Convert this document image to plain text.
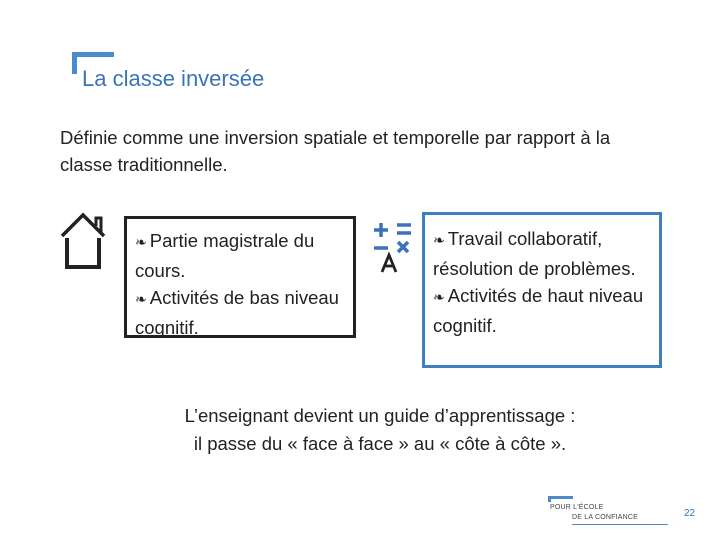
La classe inversée
Définie comme une inversion spatiale et temporelle par rapport à la classe traditionnelle.

❧ Partie magistrale du cours.

❧ Activités de bas niveau cognitif.

❧ Travail collaboratif, résolution de problèmes.

❧ Activités de haut niveau cognitif.

L’enseignant devient un guide d’apprentissage :
il passe du « face à face » au « côte à côte ».
POUR L'ÉCOLE
DE LA CONFIANCE	22
